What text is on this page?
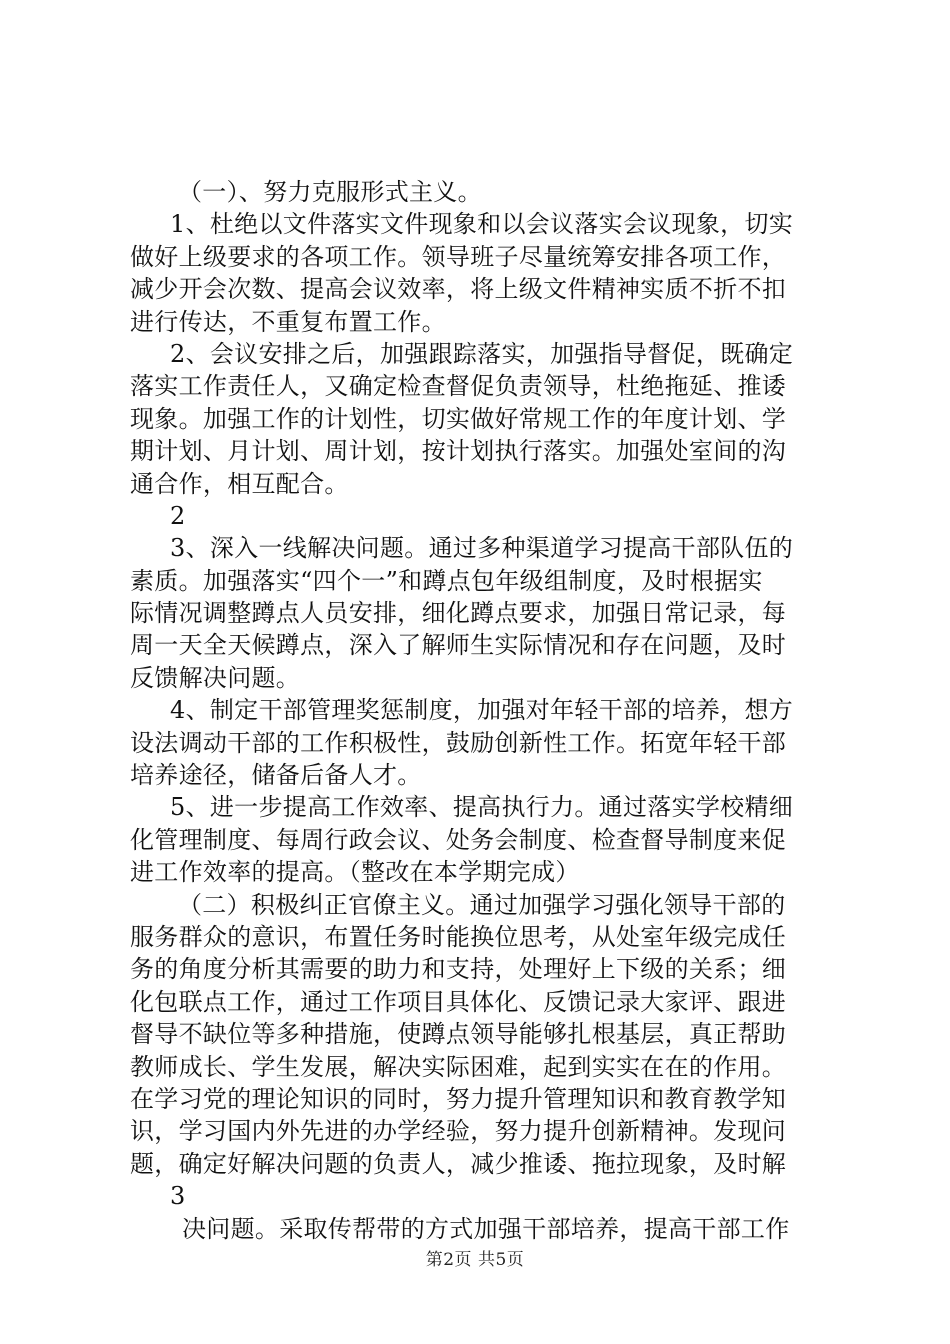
（一）、努力克服形式主义。
1、杜绝以文件落实文件现象和以会议落实会议现象，切实
做好上级要求的各项工作。领导班子尽量统筹安排各项工作，
减少开会次数、提高会议效率，将上级文件精神实质不折不扣
进行传达，不重复布置工作。
2、会议安排之后，加强跟踪落实，加强指导督促，既确定
落实工作责任人，又确定检查督促负责领导，杜绝拖延、推诿
现象。加强工作的计划性，切实做好常规工作的年度计划、学
期计划、月计划、周计划，按计划执行落实。加强处室间的沟
通合作，相互配合。
2
3、深入一线解决问题。通过多种渠道学习提高干部队伍的
素质。加强落实“四个一”和蹲点包年级组制度，及时根据实
际情况调整蹲点人员安排，细化蹲点要求，加强日常记录，每
周一天全天候蹲点，深入了解师生实际情况和存在问题，及时
反馈解决问题。
4、制定干部管理奖惩制度，加强对年轻干部的培养，想方
设法调动干部的工作积极性，鼓励创新性工作。拓宽年轻干部
培养途径，储备后备人才。
5、进一步提高工作效率、提高执行力。通过落实学校精细
化管理制度、每周行政会议、处务会制度、检查督导制度来促
进工作效率的提高。（整改在本学期完成）
（二）积极纠正官僚主义。通过加强学习强化领导干部的
服务群众的意识，布置任务时能换位思考，从处室年级完成任
务的角度分析其需要的助力和支持，处理好上下级的关系；细
化包联点工作，通过工作项目具体化、反馈记录大家评、跟进
督导不缺位等多种措施，使蹲点领导能够扎根基层，真正帮助
教师成长、学生发展，解决实际困难，起到实实在在的作用。
在学习党的理论知识的同时，努力提升管理知识和教育教学知
识，学习国内外先进的办学经验，努力提升创新精神。发现问
题，确定好解决问题的负责人，减少推诿、拖拉现象，及时解
3
决问题。采取传帮带的方式加强干部培养，提高干部工作
第2页 共5页
